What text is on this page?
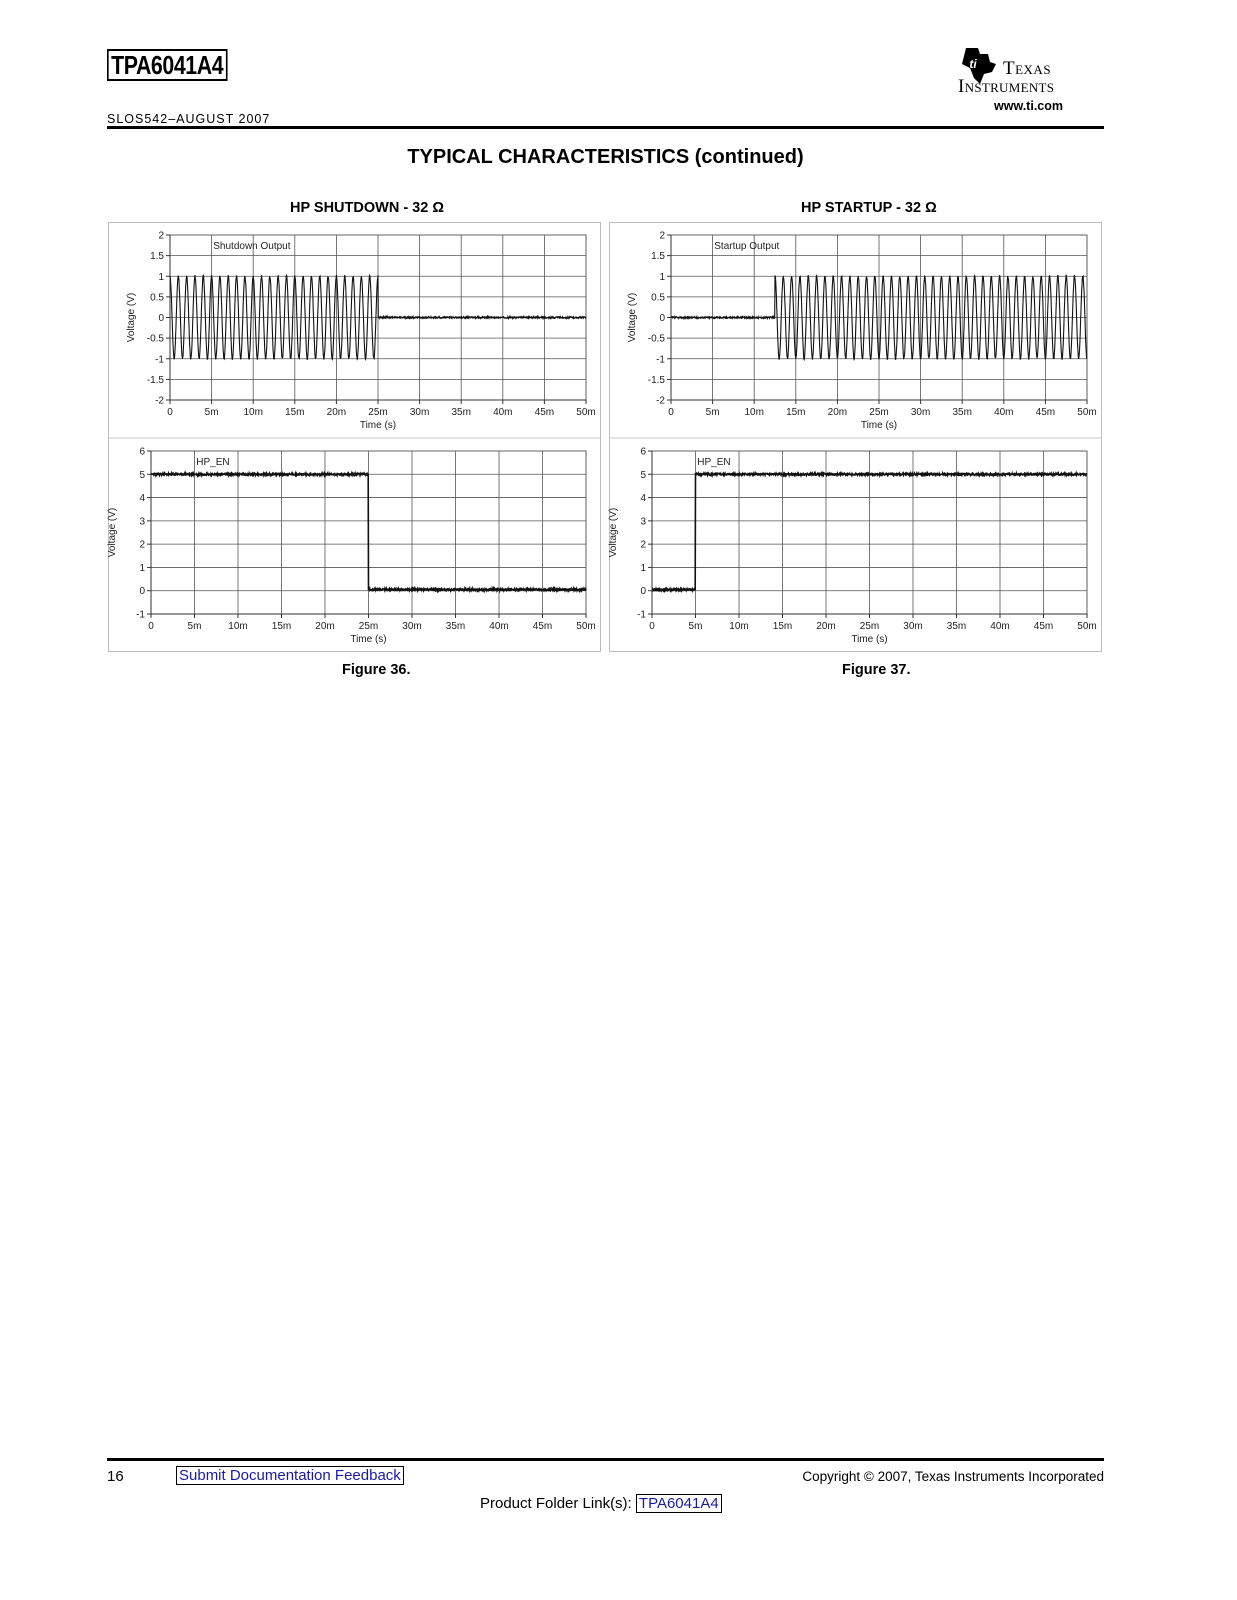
TPA6041A4
SLOS542–AUGUST 2007
ti Texas
Instruments
www.ti.com
TYPICAL CHARACTERISTICS (continued)
HP SHUTDOWN - 32 Ω	HP STARTUP - 32 Ω
0	5m 10m 15m 20m 25m 30m 35m 40m 45m 50m
2
1.5
1
0.5
0
-0.5
-1
-1.5
-2
Time (s)
Voltage (V)
Shutdown Output
0	5m	10m 15m 20m 25m 30m 35m 40m 45m 50m
6
5
4
3
2
1
0
-1
Time (s)
Voltage (V)
HP_EN
0	5m 10m 15m 20m 25m 30m 35m 40m 45m 50m
2
1.5
1
0.5
0
-0.5
-1
-1.5
-2
Time (s)
Voltage (V)
Startup Output
0	5m	10m 15m 20m 25m 30m 35m 40m 45m 50m
6
5
4
3
2
1
0
-1
Time (s)
Voltage (V)
HP_EN
Figure 36.	Figure 37.
16	Submit Documentation Feedback	Copyright © 2007, Texas Instruments Incorporated
Product Folder Link(s): TPA6041A4
